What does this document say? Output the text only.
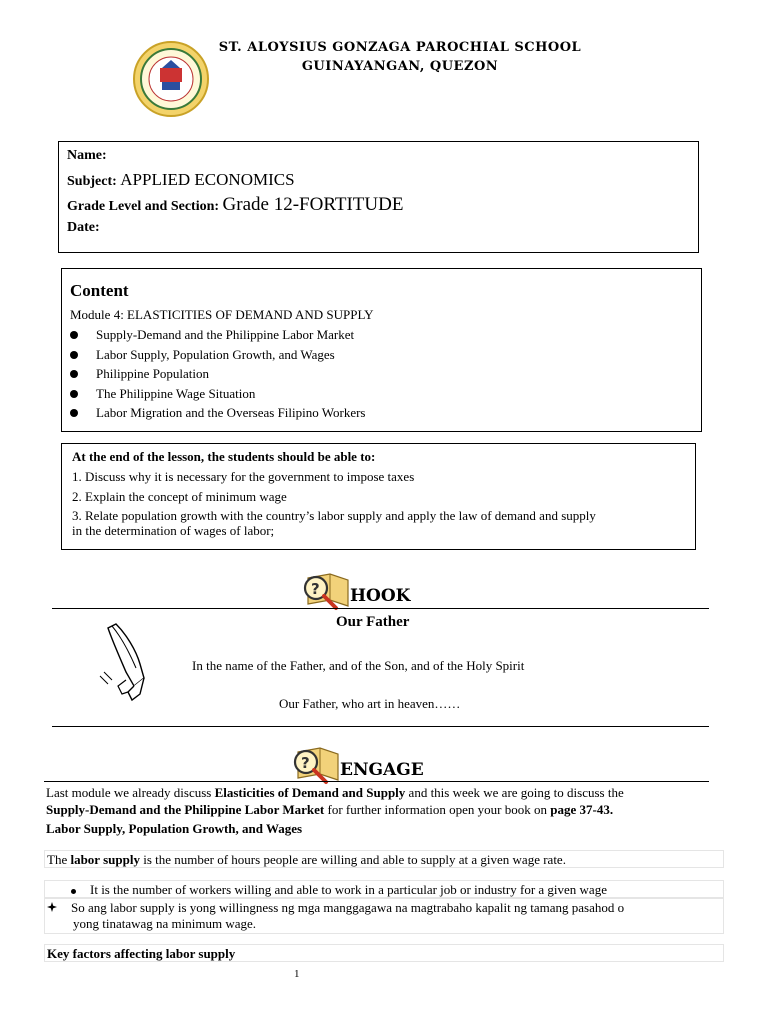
ST. ALOYSIUS GONZAGA PAROCHIAL SCHOOL
GUINAYANGAN, QUEZON
Name:
Subject: APPLIED ECONOMICS
Grade Level and Section: Grade 12-FORTITUDE
Date:
Content
Module 4: ELASTICITIES OF DEMAND AND SUPPLY
Supply-Demand and the Philippine Labor Market
Labor Supply, Population Growth, and Wages
Philippine Population
The Philippine Wage Situation
Labor Migration and the Overseas Filipino Workers
At the end of the lesson, the students should be able to:
1. Discuss why it is necessary for the government to impose taxes
2. Explain the concept of minimum wage
3. Relate population growth with the country’s labor supply and apply the law of demand and supply
in the determination of wages of labor;
? HOOK
Our Father
In the name of the Father, and of the Son, and of the Holy Spirit
Our Father, who art in heaven……
? ENGAGE
Last module we already discuss Elasticities of Demand and Supply and this week we are going to discuss the
Supply-Demand and the Philippine Labor Market for further information open your book on page 37-43.
Labor Supply, Population Growth, and Wages
The labor supply is the number of hours people are willing and able to supply at a given wage rate.
It is the number of workers willing and able to work in a particular job or industry for a given wage
So ang labor supply is yong willingness ng mga manggagawa na magtrabaho kapalit ng tamang pasahod o
yong tinatawag na minimum wage.
Key factors affecting labor supply
1
